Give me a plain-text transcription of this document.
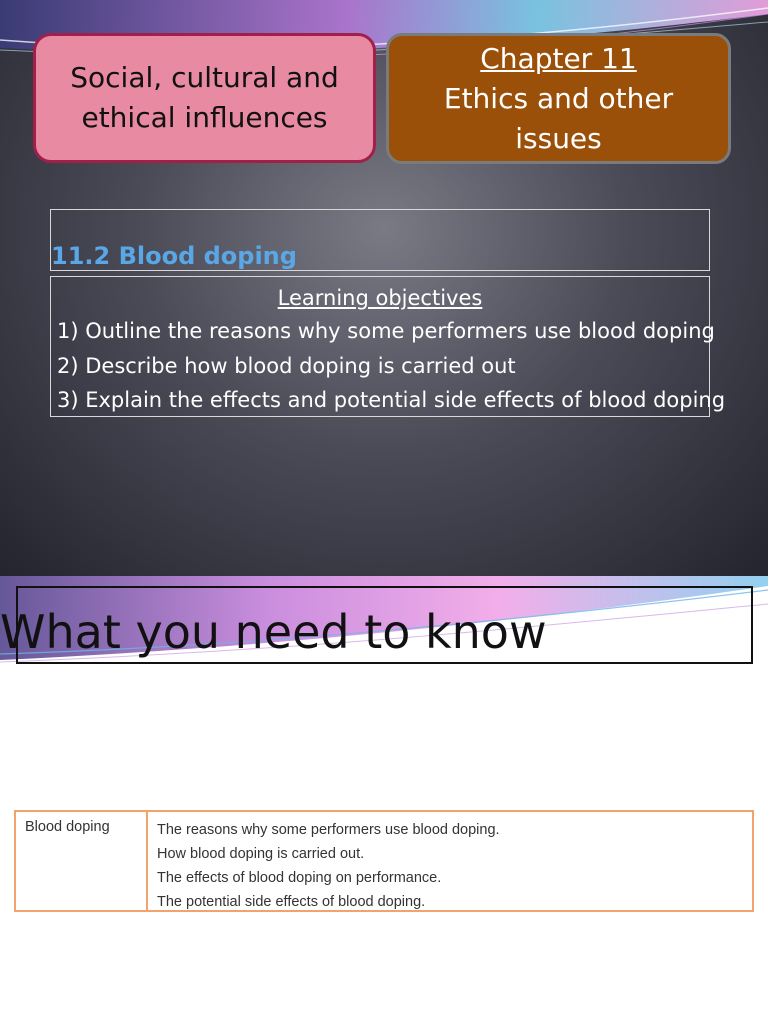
Social, cultural and
ethical influences
Chapter 11
Ethics and other
issues
11.2 Blood doping
Learning objectives
1) Outline the reasons why some performers use blood doping
2) Describe how blood doping is carried out
3) Explain the effects and potential side effects of blood doping
What you need to know
Blood doping	The reasons why some performers use blood doping.
How blood doping is carried out.
The effects of blood doping on performance.
The potential side effects of blood doping.
